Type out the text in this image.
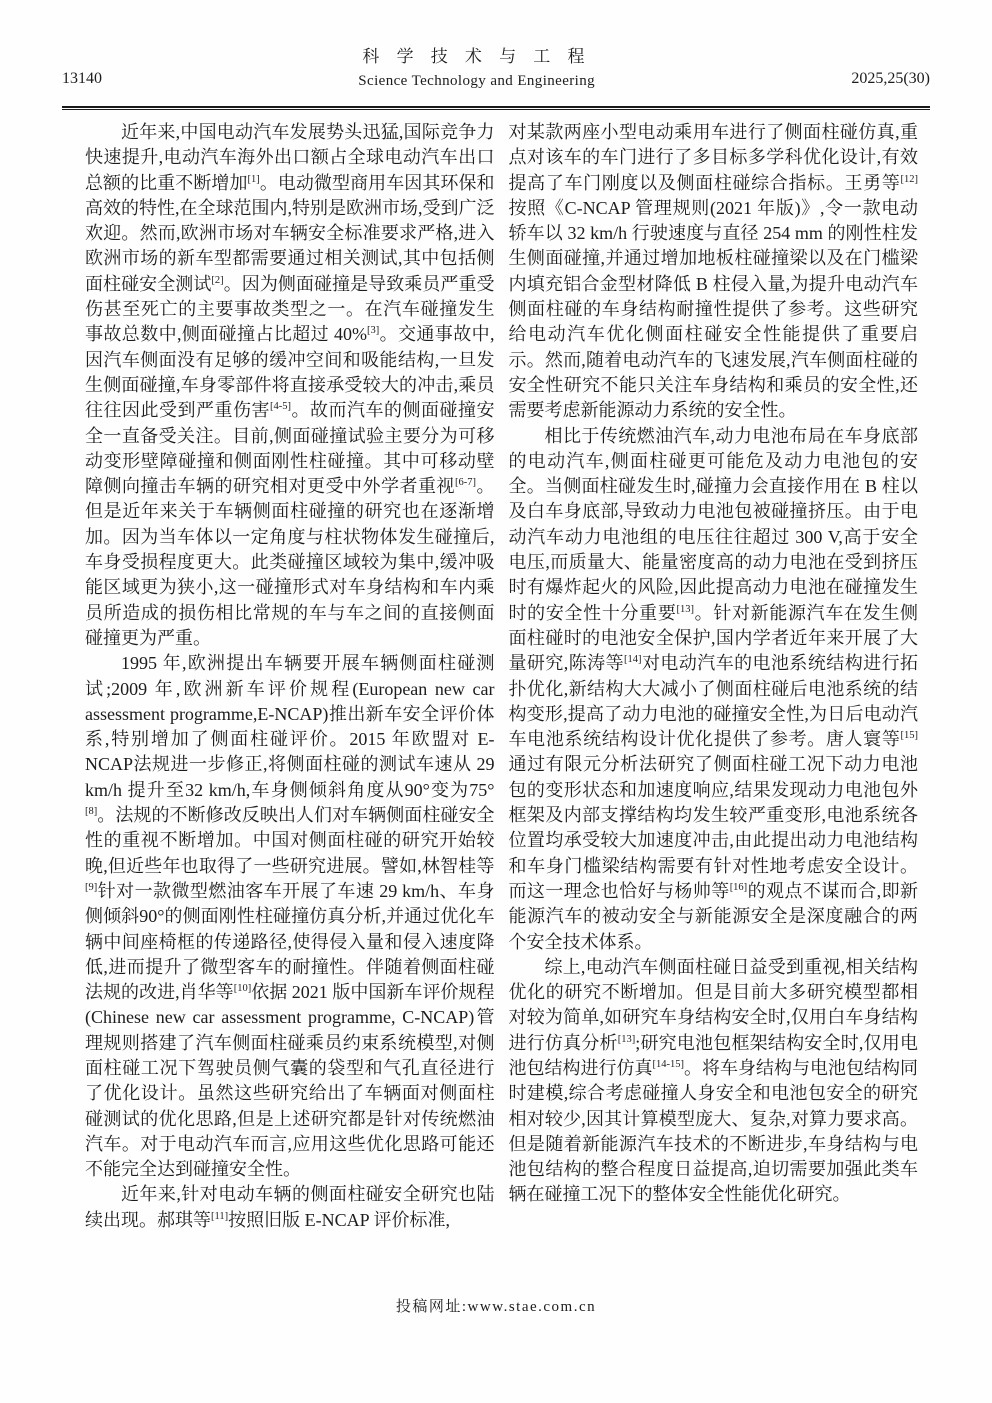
13140
科 学 技 术 与 工 程
Science Technology and Engineering	2025,25(30)

近年来,中国电动汽车发展势头迅猛,国际竞争力快速提升,电动汽车海外出口额占全球电动汽车出口总额的比重不断增加[1]。电动微型商用车因其环保和高效的特性,在全球范围内,特别是欧洲市场,受到广泛欢迎。然而,欧洲市场对车辆安全标准要求严格,进入欧洲市场的新车型都需要通过相关测试,其中包括侧面柱碰安全测试[2]。因为侧面碰撞是导致乘员严重受伤甚至死亡的主要事故类型之一。在汽车碰撞发生事故总数中,侧面碰撞占比超过 40%[3]。交通事故中,因汽车侧面没有足够的缓冲空间和吸能结构,一旦发生侧面碰撞,车身零部件将直接承受较大的冲击,乘员往往因此受到严重伤害[4-5]。故而汽车的侧面碰撞安全一直备受关注。目前,侧面碰撞试验主要分为可移动变形壁障碰撞和侧面刚性柱碰撞。其中可移动壁障侧向撞击车辆的研究相对更受中外学者重视[6-7]。但是近年来关于车辆侧面柱碰撞的研究也在逐渐增加。因为当车体以一定角度与柱状物体发生碰撞后,车身受损程度更大。此类碰撞区域较为集中,缓冲吸能区域更为狭小,这一碰撞形式对车身结构和车内乘员所造成的损伤相比常规的车与车之间的直接侧面碰撞更为严重。

1995 年,欧洲提出车辆要开展车辆侧面柱碰测试;2009 年,欧洲新车评价规程(European new car assessment programme,E-NCAP)推出新车安全评价体系,特别增加了侧面柱碰评价。2015 年欧盟对 E-NCAP法规进一步修正,将侧面柱碰的测试车速从 29 km/h 提升至32 km/h,车身侧倾斜角度从90°变为75°[8]。法规的不断修改反映出人们对车辆侧面柱碰安全性的重视不断增加。中国对侧面柱碰的研究开始较晚,但近些年也取得了一些研究进展。譬如,林智桂等[9]针对一款微型燃油客车开展了车速 29 km/h、车身侧倾斜90°的侧面刚性柱碰撞仿真分析,并通过优化车辆中间座椅框的传递路径,使得侵入量和侵入速度降低,进而提升了微型客车的耐撞性。伴随着侧面柱碰法规的改进,肖华等[10]依据 2021 版中国新车评价规程(Chinese new car assessment programme, C-NCAP)管理规则搭建了汽车侧面柱碰乘员约束系统模型,对侧面柱碰工况下驾驶员侧气囊的袋型和气孔直径进行了优化设计。虽然这些研究给出了车辆面对侧面柱碰测试的优化思路,但是上述研究都是针对传统燃油汽车。对于电动汽车而言,应用这些优化思路可能还不能完全达到碰撞安全性。

近年来,针对电动车辆的侧面柱碰安全研究也陆续出现。郝琪等[11]按照旧版 E-NCAP 评价标准,

对某款两座小型电动乘用车进行了侧面柱碰仿真,重点对该车的车门进行了多目标多学科优化设计,有效提高了车门刚度以及侧面柱碰综合指标。王勇等[12]按照《C-NCAP 管理规则(2021 年版)》,令一款电动轿车以 32 km/h 行驶速度与直径 254 mm 的刚性柱发生侧面碰撞,并通过增加地板柱碰撞梁以及在门槛梁内填充铝合金型材降低 B 柱侵入量,为提升电动汽车侧面柱碰的车身结构耐撞性提供了参考。这些研究给电动汽车优化侧面柱碰安全性能提供了重要启示。然而,随着电动汽车的飞速发展,汽车侧面柱碰的安全性研究不能只关注车身结构和乘员的安全性,还需要考虑新能源动力系统的安全性。

相比于传统燃油汽车,动力电池布局在车身底部的电动汽车,侧面柱碰更可能危及动力电池包的安全。当侧面柱碰发生时,碰撞力会直接作用在 B 柱以及白车身底部,导致动力电池包被碰撞挤压。由于电动汽车动力电池组的电压往往超过 300 V,高于安全电压,而质量大、能量密度高的动力电池在受到挤压时有爆炸起火的风险,因此提高动力电池在碰撞发生时的安全性十分重要[13]。针对新能源汽车在发生侧面柱碰时的电池安全保护,国内学者近年来开展了大量研究,陈涛等[14]对电动汽车的电池系统结构进行拓扑优化,新结构大大减小了侧面柱碰后电池系统的结构变形,提高了动力电池的碰撞安全性,为日后电动汽车电池系统结构设计优化提供了参考。唐人寰等[15]通过有限元分析法研究了侧面柱碰工况下动力电池包的变形状态和加速度响应,结果发现动力电池包外框架及内部支撑结构均发生较严重变形,电池系统各位置均承受较大加速度冲击,由此提出动力电池结构和车身门槛梁结构需要有针对性地考虑安全设计。而这一理念也恰好与杨帅等[16]的观点不谋而合,即新能源汽车的被动安全与新能源安全是深度融合的两个安全技术体系。

综上,电动汽车侧面柱碰日益受到重视,相关结构优化的研究不断增加。但是目前大多研究模型都相对较为简单,如研究车身结构安全时,仅用白车身结构进行仿真分析[13];研究电池包框架结构安全时,仅用电池包结构进行仿真[14-15]。将车身结构与电池包结构同时建模,综合考虑碰撞人身安全和电池包安全的研究相对较少,因其计算模型庞大、复杂,对算力要求高。但是随着新能源汽车技术的不断进步,车身结构与电池包结构的整合程度日益提高,迫切需要加强此类车辆在碰撞工况下的整体安全性能优化研究。

投稿网址:www.stae.com.cn
